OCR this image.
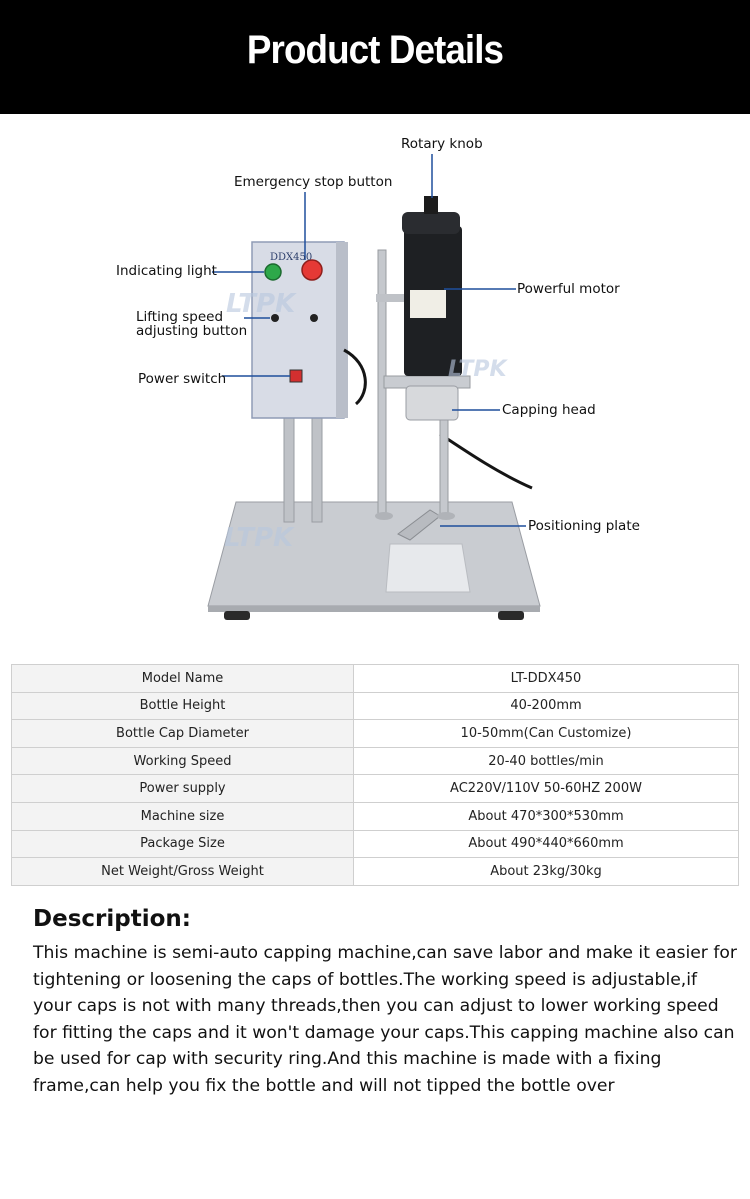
Product Details
LTPK
LTPK
LTPK
DDX450
Rotary knob
Emergency stop button
Indicating light
Lifting speed
adjusting button
Power switch
Powerful motor
Capping head
Positioning plate
Model Name	LT-DDX450
Bottle Height	40-200mm
Bottle Cap Diameter	10-50mm(Can Customize)
Working Speed	20-40 bottles/min
Power supply	AC220V/110V 50-60HZ 200W
Machine size	About 470*300*530mm
Package Size	About 490*440*660mm
Net Weight/Gross Weight	About 23kg/30kg
Description:

This machine is semi-auto capping machine,can save labor and make it easier for tightening or loosening the caps of bottles.The working speed is adjustable,if your caps is not with many threads,then you can adjust to lower working speed for fitting the caps and it won't damage your caps.This capping machine also can be used for cap with security ring.And this machine is made with a fixing frame,can help you fix the bottle and will not tipped the bottle over
